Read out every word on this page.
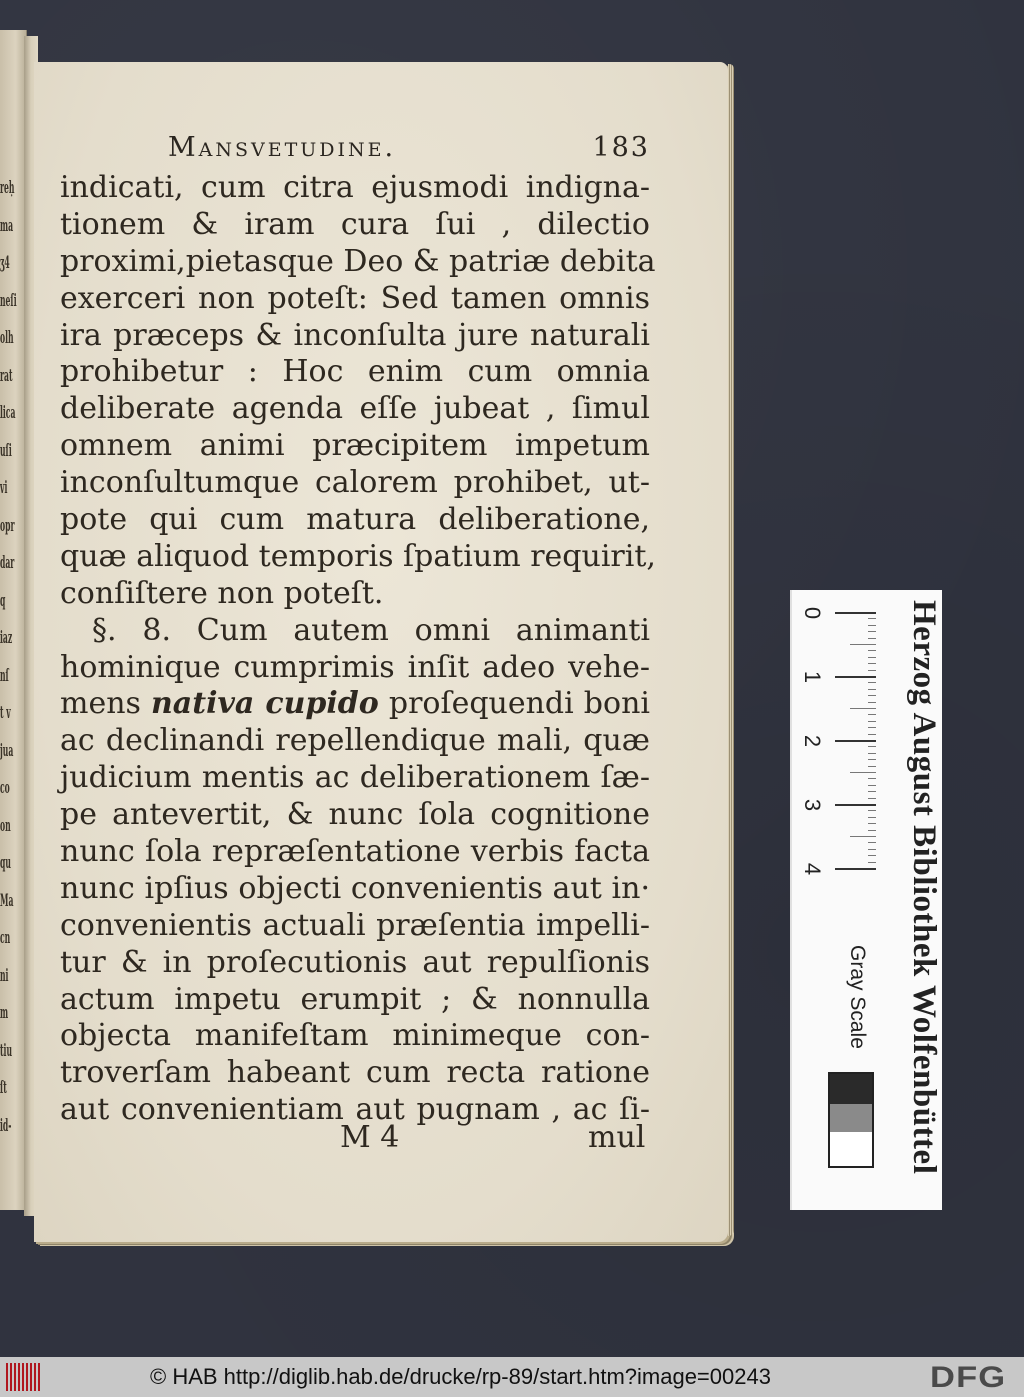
reḥ
ma
ʒ4
neſi
olh
rat
lica
uſi
vi
opr
dar
q
iaz
nſ
t v
jua
co
on
qu
Ma
cn
ni
m
tiu
ſt
id-
Mansvetudine.	183
indicati, cum citra ejusmodi indigna-
tionem & iram cura ſui , dilectio
proximi,pietasque Deo & patriæ debita
exerceri non poteſt: Sed tamen omnis
ira præceps & inconſulta jure naturali
prohibetur : Hoc enim cum omnia
deliberate agenda eſſe jubeat , ſimul
omnem animi præcipitem impetum
inconſultumque calorem prohibet, ut-
pote qui cum matura deliberatione,
quæ aliquod temporis ſpatium requirit,
conſiſtere non poteſt.
§. 8. Cum autem omni animanti
hominique cumprimis inſit adeo vehe-
mens nativa cupido proſequendi boni
ac declinandi repellendique mali, quæ
judicium mentis ac deliberationem ſæ-
pe antevertit, & nunc ſola cognitione
nunc ſola repræſentatione verbis facta
nunc ipſius objecti convenientis aut in·
convenientis actuali præſentia impelli-
tur & in proſecutionis aut repulſionis
actum impetu erumpit ; & nonnulla
objecta manifeſtam minimeque con-
troverſam habeant cum recta ratione
aut convenientiam aut pugnam , ac ſi-
M 4	mul	Herzog August Bibliothek Wolfenbüttel
0
1
2
3
4
Gray Scale
© HAB http://diglib.hab.de/drucke/rp-89/start.htm?image=00243	DFG
